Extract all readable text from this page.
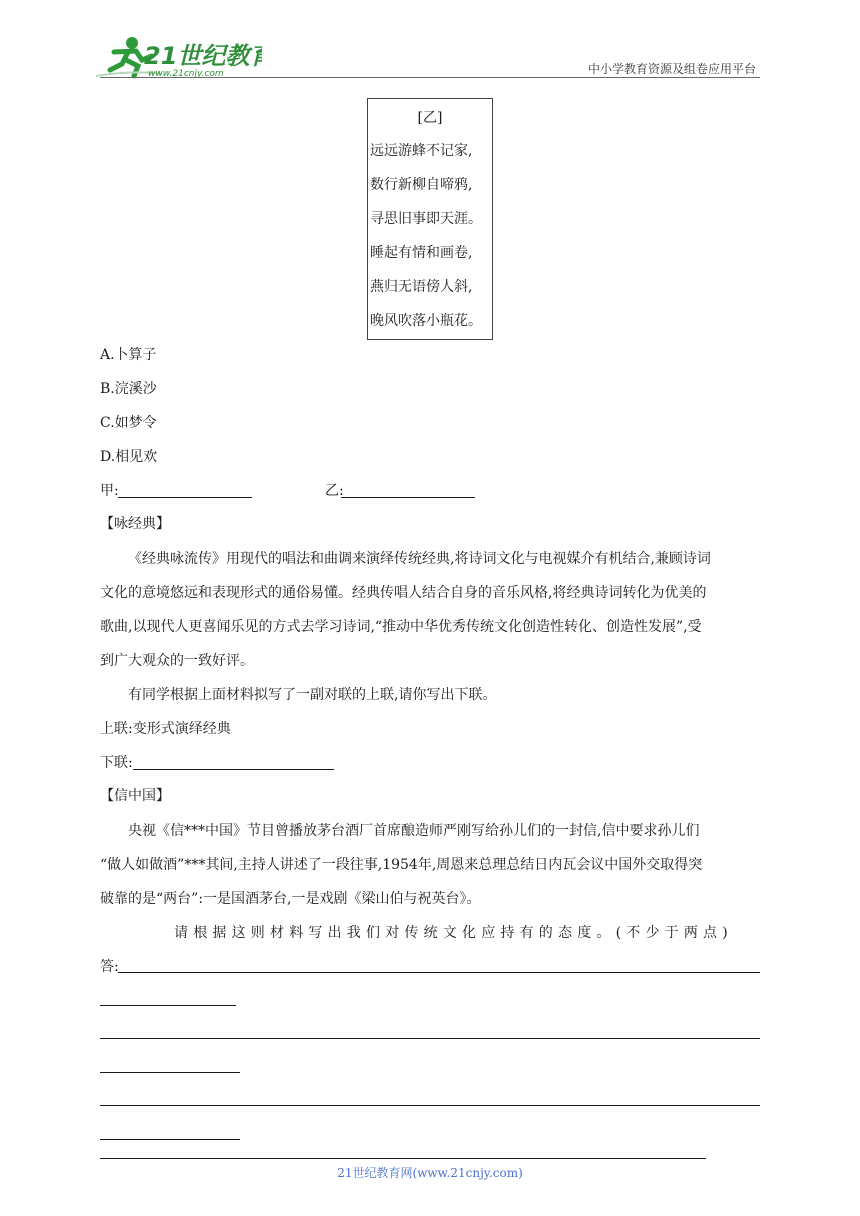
21世纪教育
www.21cnjy.com	中小学教育资源及组卷应用平台
[乙]
远远游蜂不记家,
数行新柳自啼鸦,
寻思旧事即天涯。
睡起有情和画卷,
燕归无语傍人斜,
晚风吹落小瓶花。
A.卜算子
B.浣溪沙
C.如梦令
D.相见欢
甲:	乙:
【咏经典】
《经典咏流传》用现代的唱法和曲调来演绎传统经典,将诗词文化与电视媒介有机结合,兼顾诗词
文化的意境悠远和表现形式的通俗易懂。经典传唱人结合自身的音乐风格,将经典诗词转化为优美的
歌曲,以现代人更喜闻乐见的方式去学习诗词,“推动中华优秀传统文化创造性转化、创造性发展”,受
到广大观众的一致好评。
有同学根据上面材料拟写了一副对联的上联,请你写出下联。
上联:变形式演绎经典
下联:
【信中国】
央视《信***中国》节目曾播放茅台酒厂首席酿造师严刚写给孙儿们的一封信,信中要求孙儿们
“做人如做酒”***其间,主持人讲述了一段往事,1954年,周恩来总理总结日内瓦会议中国外交取得突
破靠的是“两台”:一是国酒茅台,一是戏剧《梁山伯与祝英台》。
请根据这则材料写出我们对传统文化应持有的态度。(不少于两点)
答:
21世纪教育网(www.21cnjy.com)
